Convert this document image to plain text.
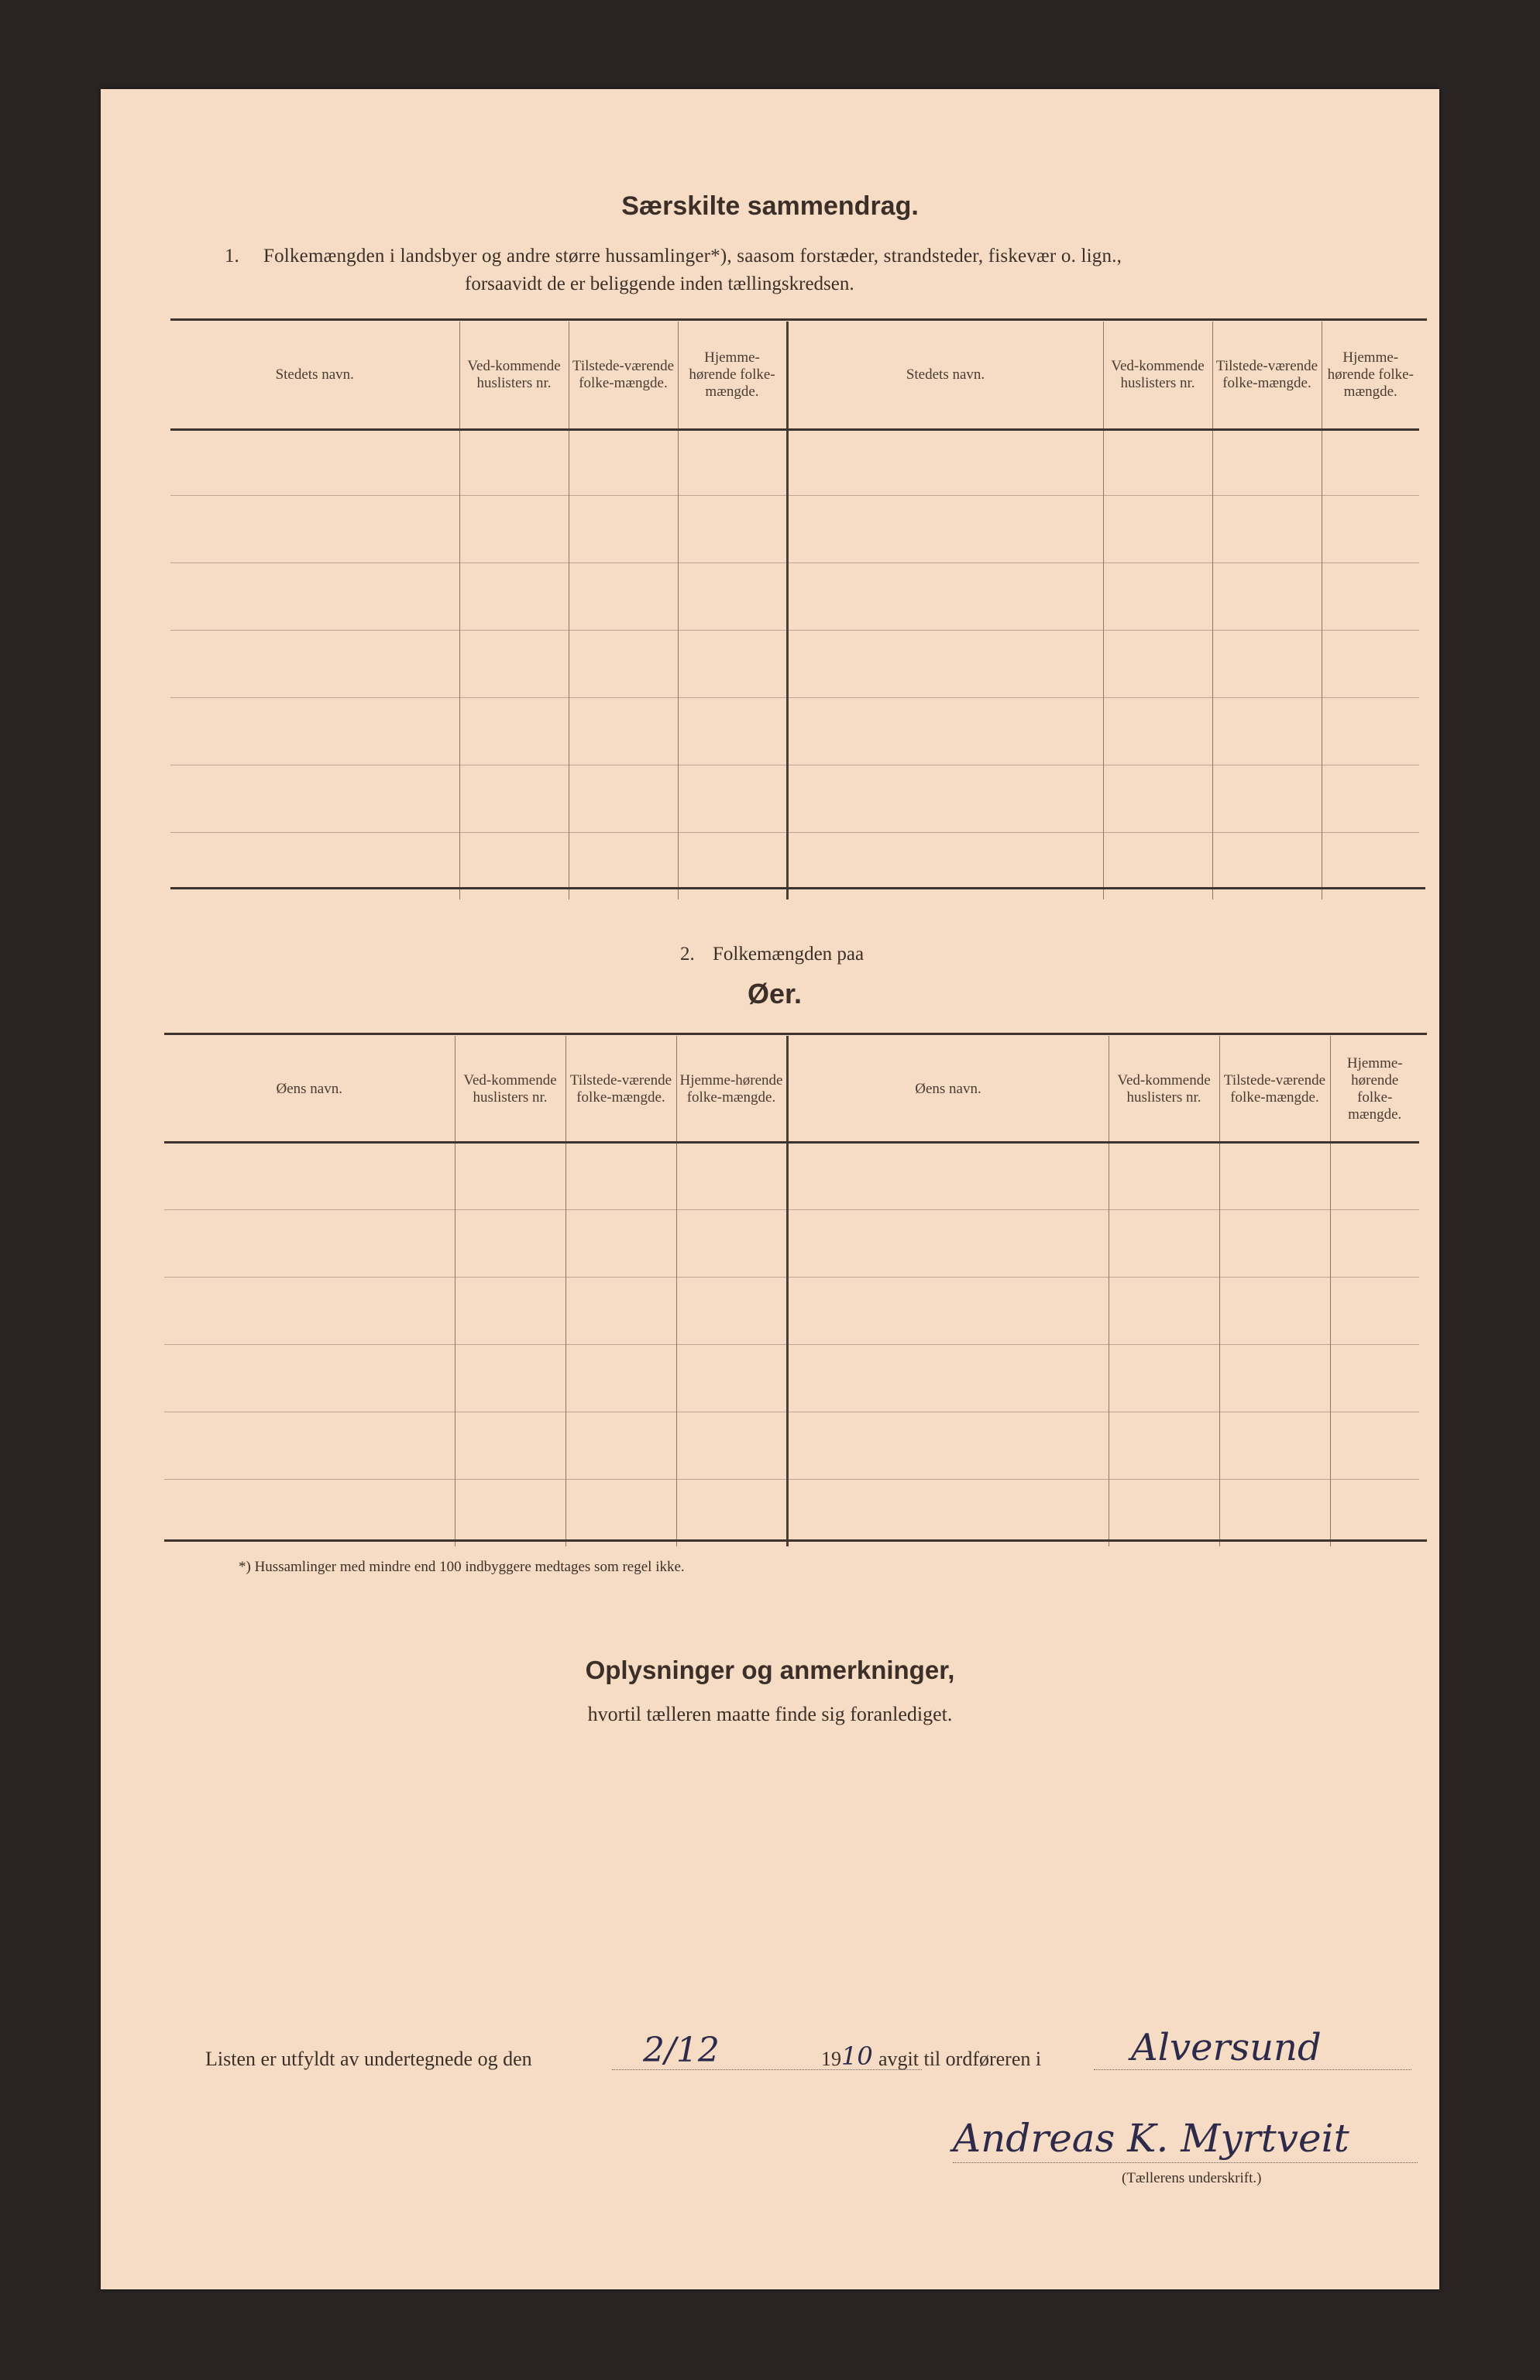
Særskilte sammendrag.
1. Folkemængden i landsbyer og andre større hussamlinger*), saasom forstæder, strandsteder, fiskevær o. lign.,
forsaavidt de er beliggende inden tællingskredsen.
Stedets navn.	Ved-kommende huslisters nr.	Tilstede-værende folke-mængde.	Hjemme-hørende folke-mængde.	Stedets navn.	Ved-kommende huslisters nr.	Tilstede-værende folke-mængde.	Hjemme-hørende folke-mængde.

2. Folkemængden paa
Øer.
Øens navn.	Ved-kommende huslisters nr.	Tilstede-værende folke-mængde.	Hjemme-hørende folke-mængde.	Øens navn.	Ved-kommende huslisters nr.	Tilstede-værende folke-mængde.	Hjemme-hørende folke-mængde.

*) Hussamlinger med mindre end 100 indbyggere medtages som regel ikke.
Oplysninger og anmerkninger,
hvortil tælleren maatte finde sig foranlediget.
Listen er utfyldt av undertegnede og den	2/12	19 10 avgit til ordføreren i Alversund
Andreas K. Myrtveit
(Tællerens underskrift.)
